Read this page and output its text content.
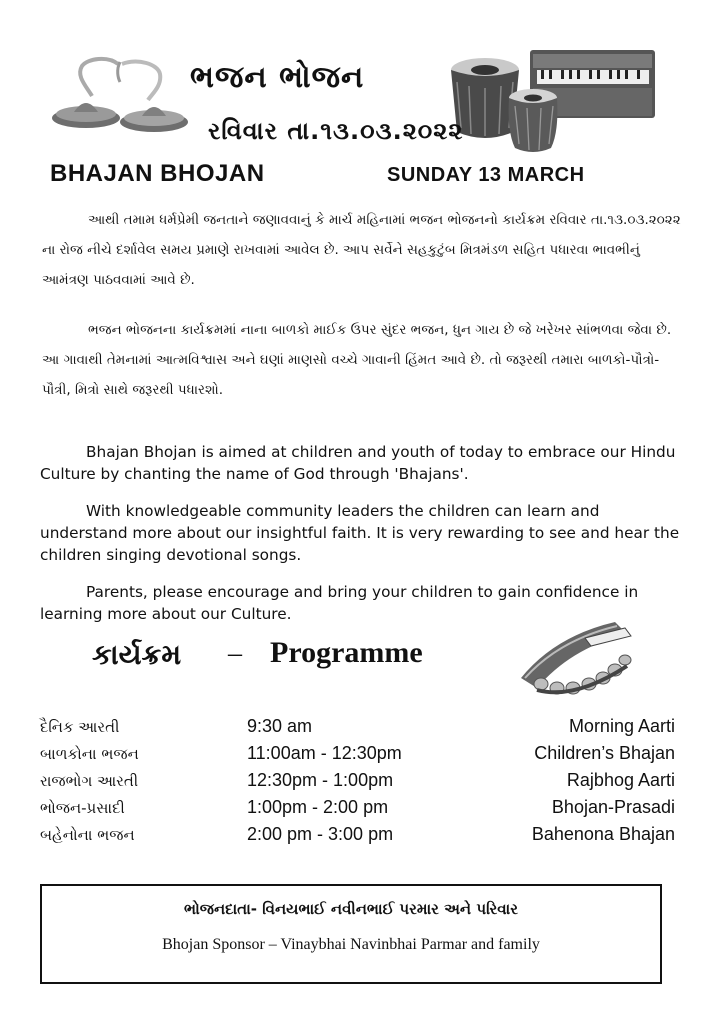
ભજન ભોજન
રવિવાર તા.૧૩.૦૩.૨૦૨૨
BHAJAN BHOJAN	SUNDAY 13 MARCH
આથી તમામ ધર્મપ્રેમી જનતાને જણાવવાનું કે માર્ચ મહિનામાં ભજન ભોજનનો કાર્યક્રમ રવિવાર તા.૧૩.૦૩.૨૦૨૨ ના રોજ નીચે દર્શાવેલ સમય પ્રમાણે રાખવામાં આવેલ છે. આપ સર્વેને સહકુટુંબ મિત્રમંડળ સહિત પધારવા ભાવભીનું આમંત્રણ પાઠવવામાં આવે છે.
ભજન ભોજનના કાર્યક્રમમાં નાના બાળકો માઈક ઉપર સુંદર ભજન, ધુન ગાય છે જે ખરેખર સાંભળવા જેવા છે. આ ગાવાથી તેમનામાં આત્મવિશ્વાસ અને ઘણાં માણસો વચ્ચે ગાવાની હિંમત આવે છે. તો જરૂરથી તમારા બાળકો-પૌત્રો-પૌત્રી, મિત્રો સાથે જરૂરથી પધારશો.
Bhajan Bhojan is aimed at children and youth of today to embrace our Hindu Culture by chanting the name of God through 'Bhajans'.
With knowledgeable community leaders the children can learn and understand more about our insightful faith. It is very rewarding to see and hear the children singing devotional songs.
Parents, please encourage and bring your children to gain confidence in learning more about our Culture.
કાર્યક્રમ – Programme
દૈનિક આરતી	9:30 am	Morning Aarti
બાળકોના ભજન	11:00am - 12:30pm	Children’s Bhajan
રાજભોગ આરતી	12:30pm - 1:00pm	Rajbhog Aarti
ભોજન-પ્રસાદી	1:00pm - 2:00 pm	Bhojan-Prasadi
બહેનોના ભજન	2:00 pm - 3:00 pm	Bahenona Bhajan
ભોજનદાતા- વિનયભાઈ નવીનભાઈ પરમાર અને પરિવાર
Bhojan Sponsor – Vinaybhai Navinbhai Parmar and family
